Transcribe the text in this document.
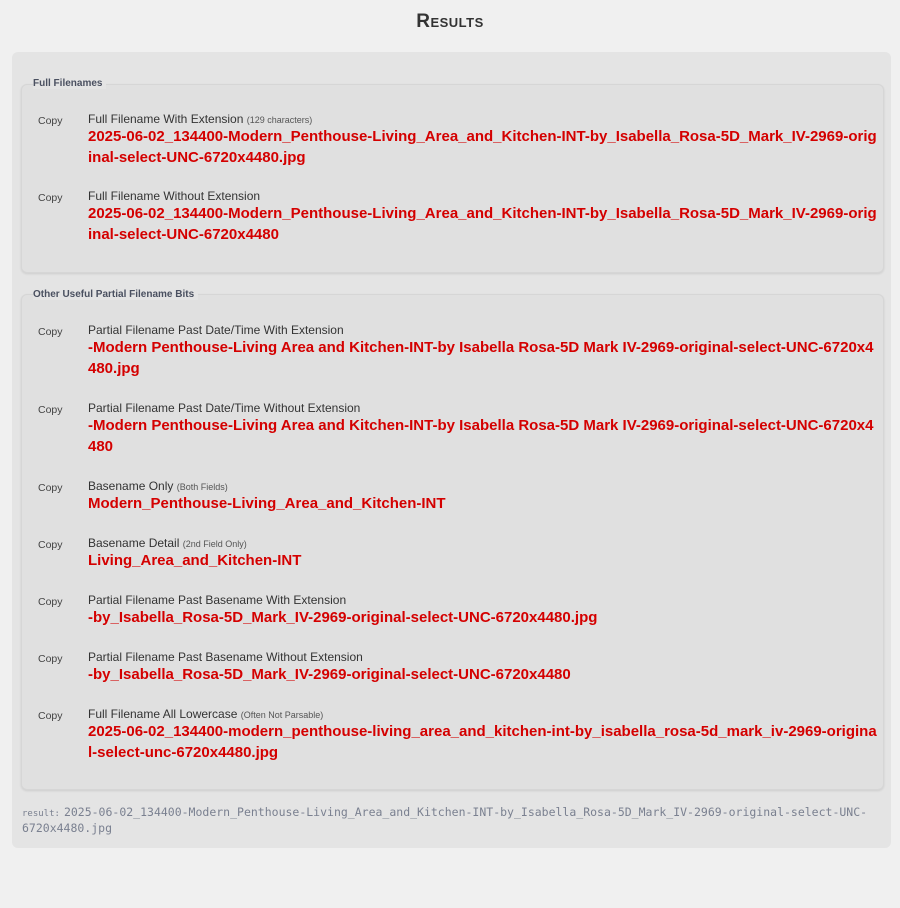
Results
Copy Full Filename With Extension (129 characters)
2025-06-02_134400-Modern_Penthouse-Living_Area_and_Kitchen-INT-by_Isabella_Rosa-5D_Mark_IV-2969-original-select-UNC-6720x4480.jpg
Copy Full Filename Without Extension
2025-06-02_134400-Modern_Penthouse-Living_Area_and_Kitchen-INT-by_Isabella_Rosa-5D_Mark_IV-2969-original-select-UNC-6720x4480
Full Filenames
Copy Partial Filename Past Date/Time With Extension
-Modern Penthouse-Living Area and Kitchen-INT-by Isabella Rosa-5D Mark IV-2969-original-select-UNC-6720x4480.jpg
Copy Partial Filename Past Date/Time Without Extension
-Modern Penthouse-Living Area and Kitchen-INT-by Isabella Rosa-5D Mark IV-2969-original-select-UNC-6720x4480
Copy Basename Only (Both Fields)
Modern_Penthouse-Living_Area_and_Kitchen-INT
Copy Basename Detail (2nd Field Only)
Living_Area_and_Kitchen-INT
Copy Partial Filename Past Basename With Extension
-by_Isabella_Rosa-5D_Mark_IV-2969-original-select-UNC-6720x4480.jpg
Copy Partial Filename Past Basename Without Extension
-by_Isabella_Rosa-5D_Mark_IV-2969-original-select-UNC-6720x4480
Copy Full Filename All Lowercase (Often Not Parsable)
2025-06-02_134400-modern_penthouse-living_area_and_kitchen-int-by_isabella_rosa-5d_mark_iv-2969-original-select-unc-6720x4480.jpg
Other Useful Partial Filename Bits
result: 2025-06-02_134400-Modern_Penthouse-Living_Area_and_Kitchen-INT-by_Isabella_Rosa-5D_Mark_IV-2969-original-select-UNC-6720x4480.jpg
